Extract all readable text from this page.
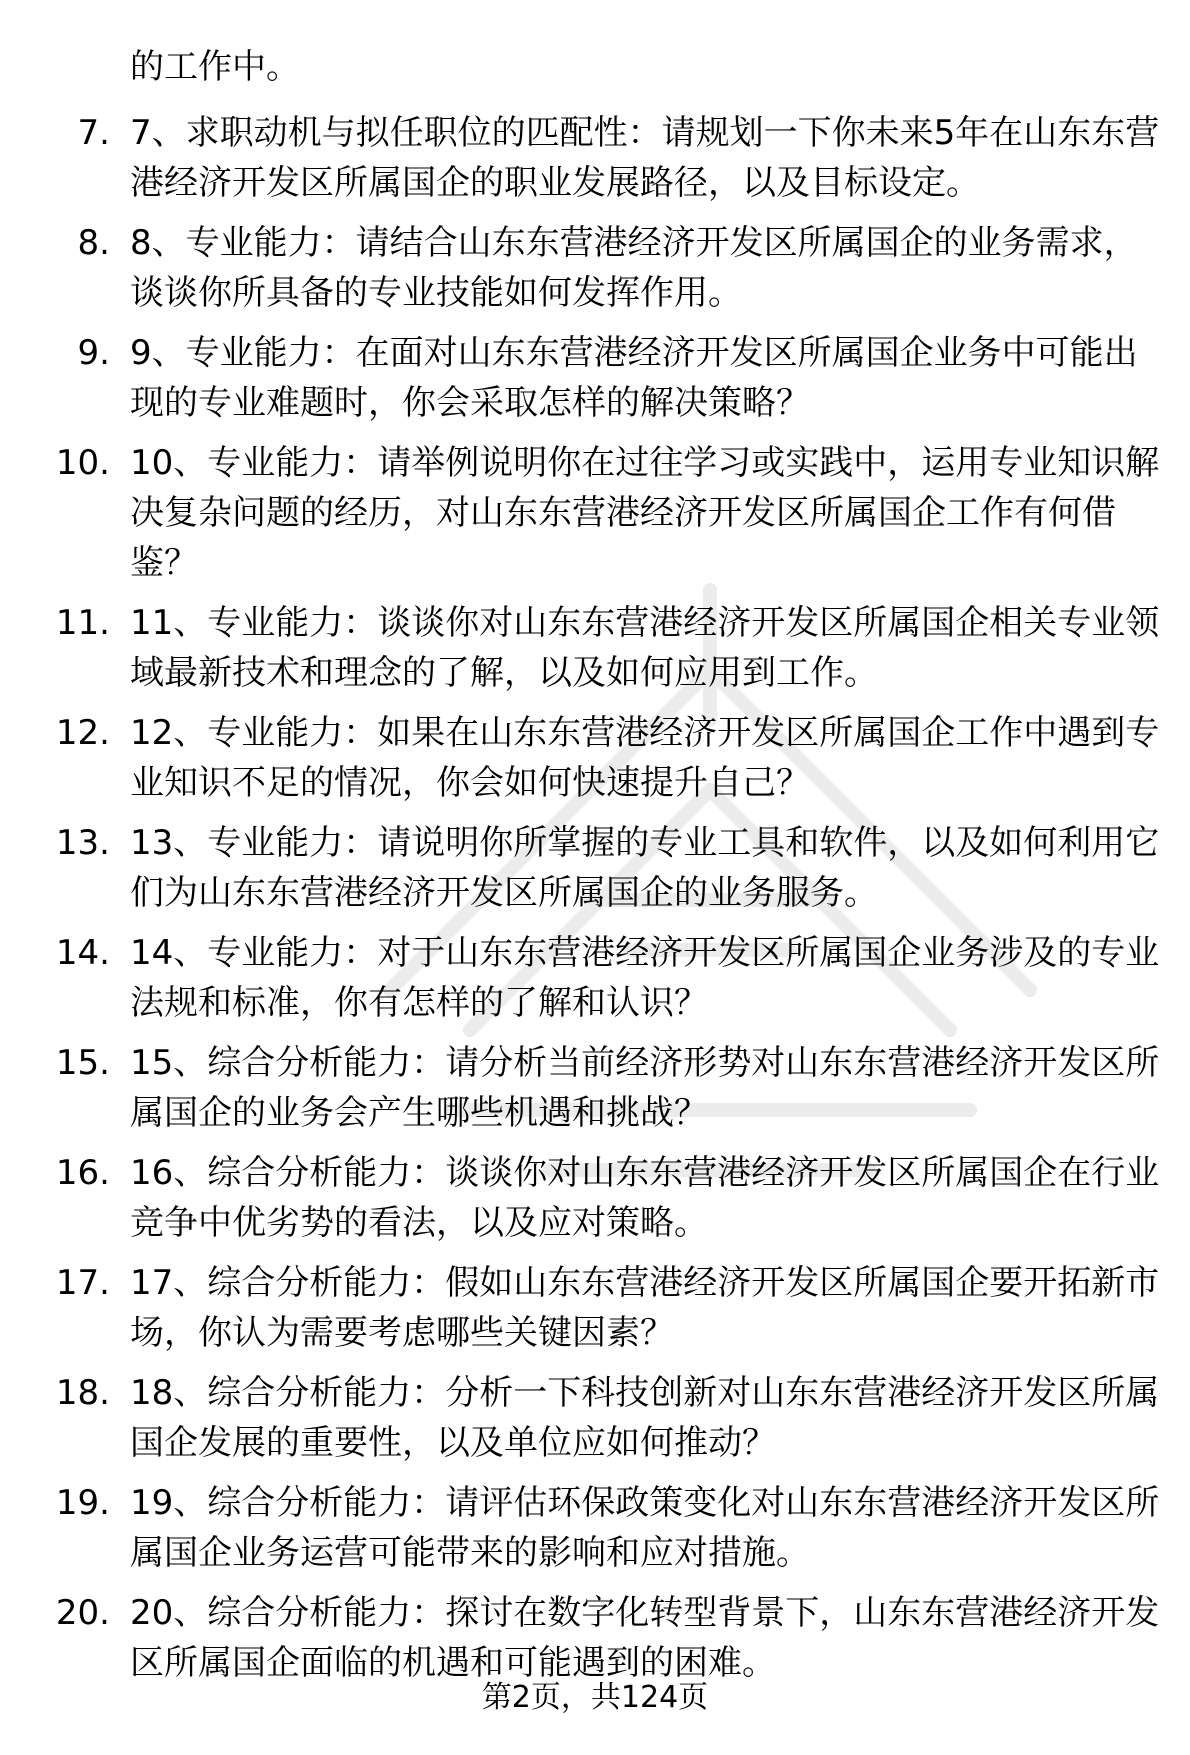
的工作中。

7. 7、求职动机与拟任职位的匹配性：请规划一下你未来5年在山东东营港经济开发区所属国企的职业发展路径，以及目标设定。
8. 8、专业能力：请结合山东东营港经济开发区所属国企的业务需求，谈谈你所具备的专业技能如何发挥作用。
9. 9、专业能力：在面对山东东营港经济开发区所属国企业务中可能出现的专业难题时，你会采取怎样的解决策略？
10. 10、专业能力：请举例说明你在过往学习或实践中，运用专业知识解决复杂问题的经历，对山东东营港经济开发区所属国企工作有何借鉴？
11. 11、专业能力：谈谈你对山东东营港经济开发区所属国企相关专业领域最新技术和理念的了解，以及如何应用到工作。
12. 12、专业能力：如果在山东东营港经济开发区所属国企工作中遇到专业知识不足的情况，你会如何快速提升自己？
13. 13、专业能力：请说明你所掌握的专业工具和软件，以及如何利用它们为山东东营港经济开发区所属国企的业务服务。
14. 14、专业能力：对于山东东营港经济开发区所属国企业务涉及的专业法规和标准，你有怎样的了解和认识？
15. 15、综合分析能力：请分析当前经济形势对山东东营港经济开发区所属国企的业务会产生哪些机遇和挑战？
16. 16、综合分析能力：谈谈你对山东东营港经济开发区所属国企在行业竞争中优劣势的看法，以及应对策略。
17. 17、综合分析能力：假如山东东营港经济开发区所属国企要开拓新市场，你认为需要考虑哪些关键因素？
18. 18、综合分析能力：分析一下科技创新对山东东营港经济开发区所属国企发展的重要性，以及单位应如何推动？
19. 19、综合分析能力：请评估环保政策变化对山东东营港经济开发区所属国企业务运营可能带来的影响和应对措施。
20. 20、综合分析能力：探讨在数字化转型背景下，山东东营港经济开发区所属国企面临的机遇和可能遇到的困难。
第2页，共124页
